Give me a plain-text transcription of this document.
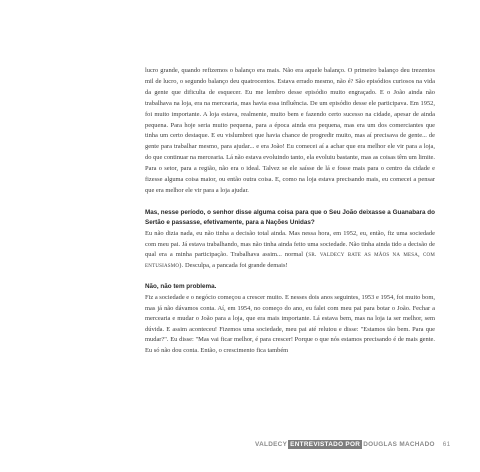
lucro grande, quando refizemos o balanço era mais. Não era aquele balanço. O primeiro balanço deu trezentos mil de lucro, o segundo balanço deu quatrocentos. Estava errado mesmo, não é? São episódios curiosos na vida da gente que dificulta de esquecer. Eu me lembro desse episódio muito engraçado. E o João ainda não trabalhava na loja, era na mercearia, mas havia essa influência. De um episódio desse ele participava. Em 1952, foi muito importante. A loja estava, realmente, muito bem e fazendo certo sucesso na cidade, apesar de ainda pequena. Para hoje seria muito pequena, para a época ainda era pequena, mas era um dos comerciantes que tinha um certo destaque. E eu vislumbrei que havia chance de progredir muito, mas aí precisava de gente... de gente para trabalhar mesmo, para ajudar... e era João! Eu comecei aí a achar que era melhor ele vir para a loja, do que continuar na mercearia. Lá não estava evoluindo tanto, ela evoluiu bastante, mas as coisas têm um limite. Para o setor, para a região, não era o ideal. Talvez se ele saísse de lá e fosse mais para o centro da cidade e fizesse alguma coisa maior, ou então outra coisa. E, como na loja estava precisando mais, eu comecei a pensar que era melhor ele vir para a loja ajudar.

Mas, nesse período, o senhor disse alguma coisa para que o Seu João deixasse a Guanabara do Sertão e passasse, efetivamente, para a Nações Unidas?

Eu não dizia nada, eu não tinha a decisão total ainda. Mas nessa hora, em 1952, eu, então, fiz uma sociedade com meu pai. Já estava trabalhando, mas não tinha ainda feito uma sociedade. Não tinha ainda tido a decisão de qual era a minha participação. Trabalhava assim... normal (sr. valdecy bate as mãos na mesa, com entusiasmo). Desculpa, a pancada foi grande demais!

Não, não tem problema.

Fiz a sociedade e o negócio começou a crescer muito. E nesses dois anos seguintes, 1953 e 1954, foi muito bom, mas já não dávamos conta. Aí, em 1954, no começo do ano, eu falei com meu pai para botar o João. Fechar a mercearia e mudar o João para a loja, que era mais importante. Lá estava bem, mas na loja ia ser melhor, sem dúvida. E assim aconteceu! Fizemos uma sociedade, meu pai até relutou e disse: "Estamos tão bem. Para que mudar?". Eu disse: "Mas vai ficar melhor, é para crescer! Porque o que nós estamos precisando é de mais gente. Eu só não dou conta. Então, o crescimento fica também

VALDECY ENTREVISTADO POR DOUGLAS MACHADO 61
